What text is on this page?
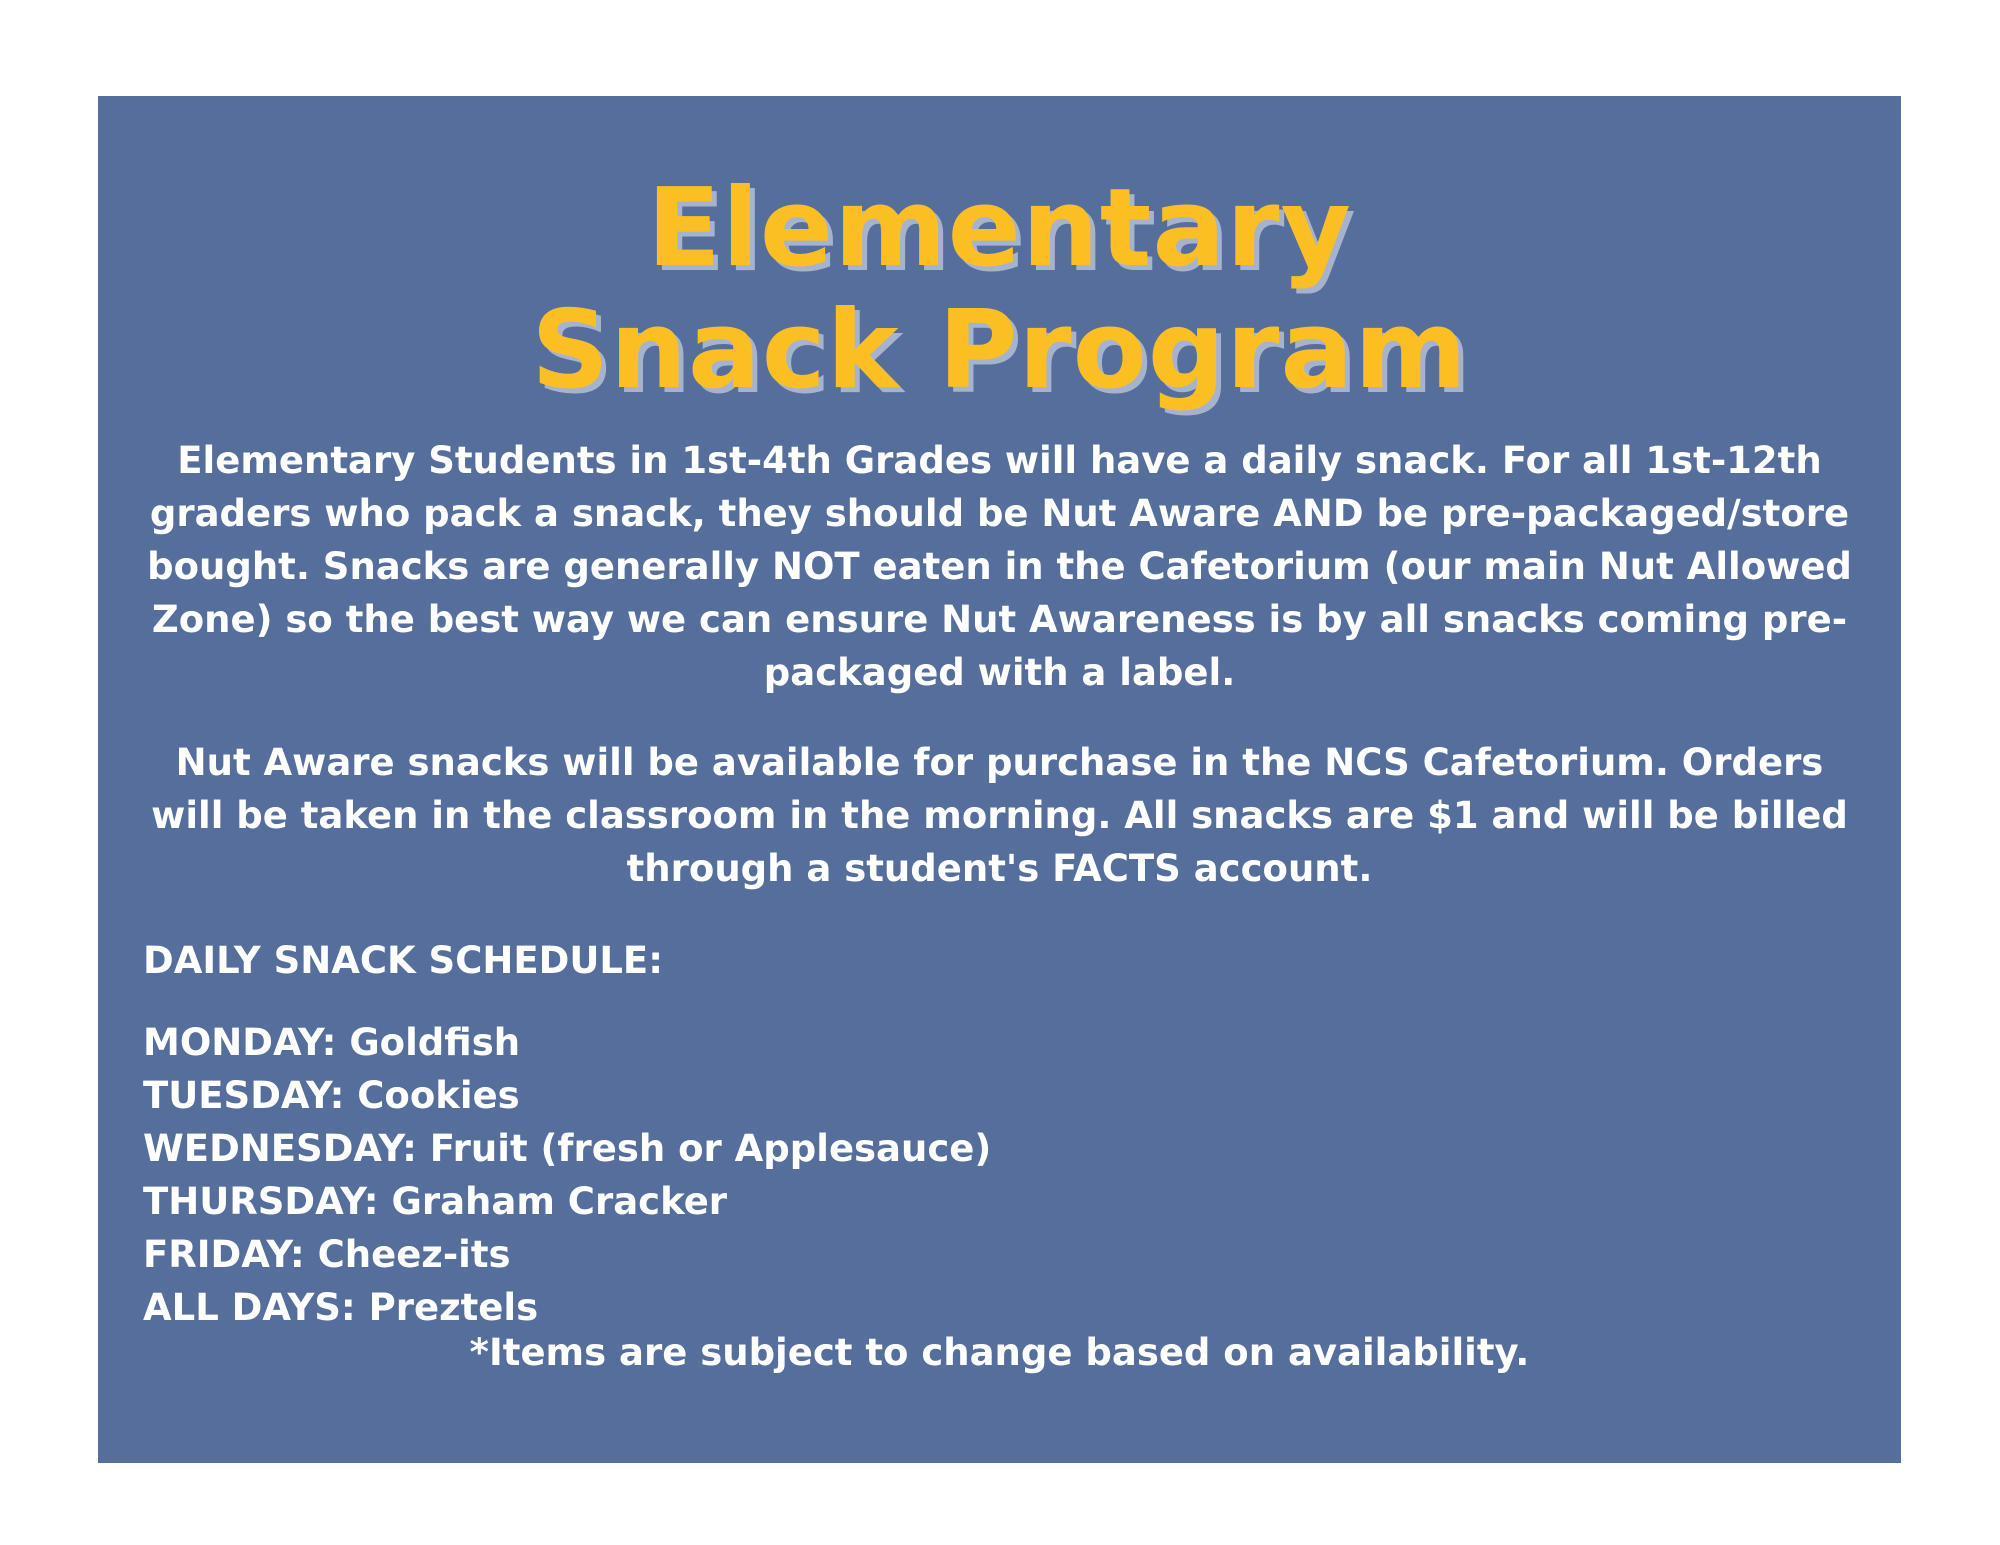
Elementary
Snack Program

Elementary Students in 1st-4th Grades will have a daily snack. For all 1st-12th graders who pack a snack, they should be Nut Aware AND be pre-packaged/store bought. Snacks are generally NOT eaten in the Cafetorium (our main Nut Allowed Zone) so the best way we can ensure Nut Awareness is by all snacks coming pre-packaged with a label.

Nut Aware snacks will be available for purchase in the NCS Cafetorium. Orders will be taken in the classroom in the morning. All snacks are $1 and will be billed through a student's FACTS account.

DAILY SNACK SCHEDULE:

MONDAY: Goldfish
TUESDAY: Cookies
WEDNESDAY: Fruit (fresh or Applesauce)
THURSDAY: Graham Cracker
FRIDAY: Cheez-its
ALL DAYS: Preztels

*Items are subject to change based on availability.
